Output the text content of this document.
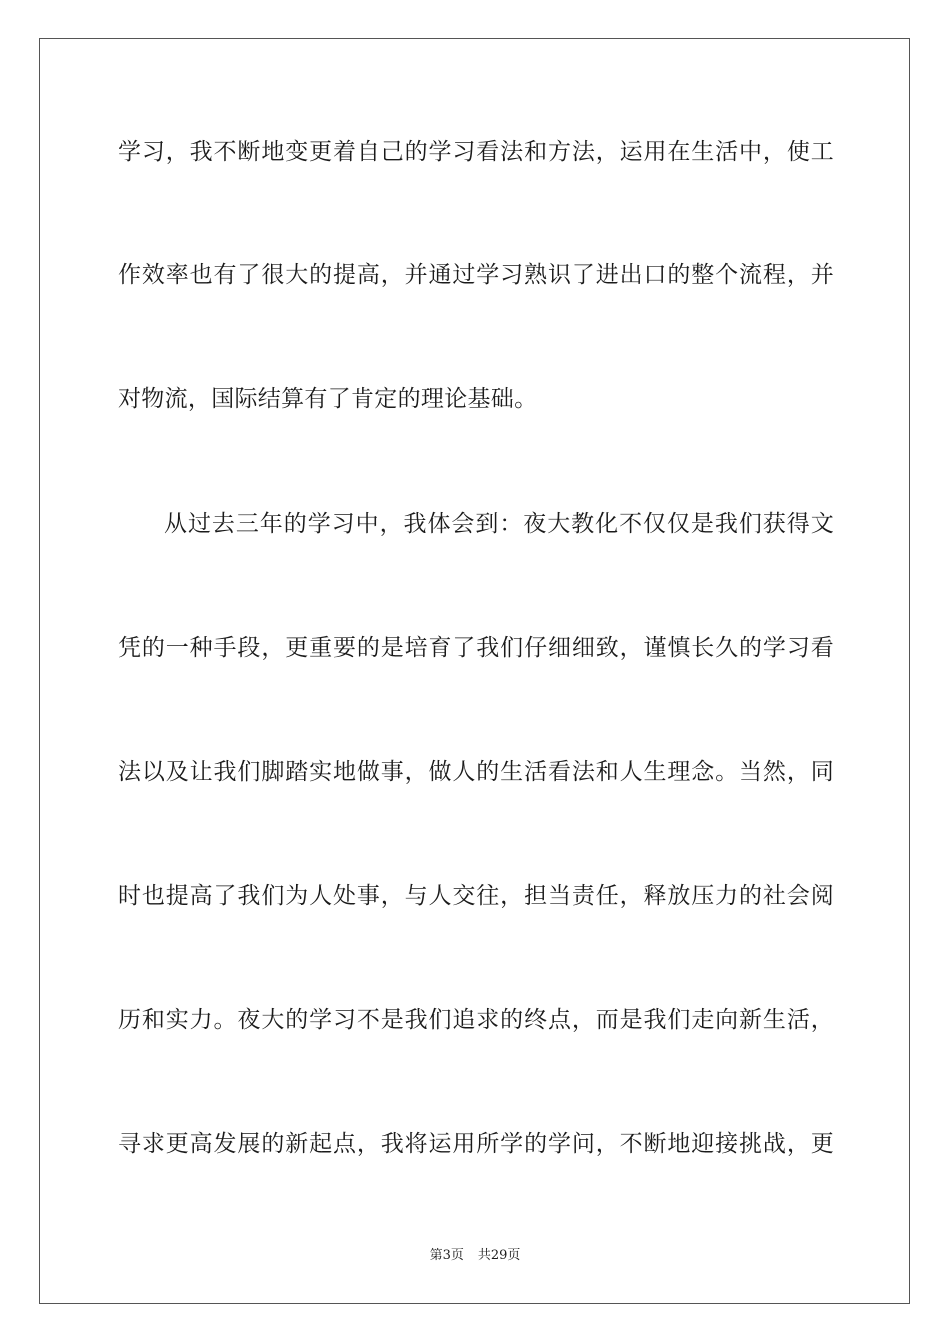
学习，我不断地变更着自己的学习看法和方法，运用在生活中，使工
作效率也有了很大的提高，并通过学习熟识了进出口的整个流程，并
对物流，国际结算有了肯定的理论基础。
从过去三年的学习中，我体会到：夜大教化不仅仅是我们获得文
凭的一种手段，更重要的是培育了我们仔细细致，谨慎长久的学习看
法以及让我们脚踏实地做事，做人的生活看法和人生理念。当然，同
时也提高了我们为人处事，与人交往，担当责任，释放压力的社会阅
历和实力。夜大的学习不是我们追求的终点，而是我们走向新生活，
寻求更高发展的新起点，我将运用所学的学问，不断地迎接挑战，更
第3页 共29页
